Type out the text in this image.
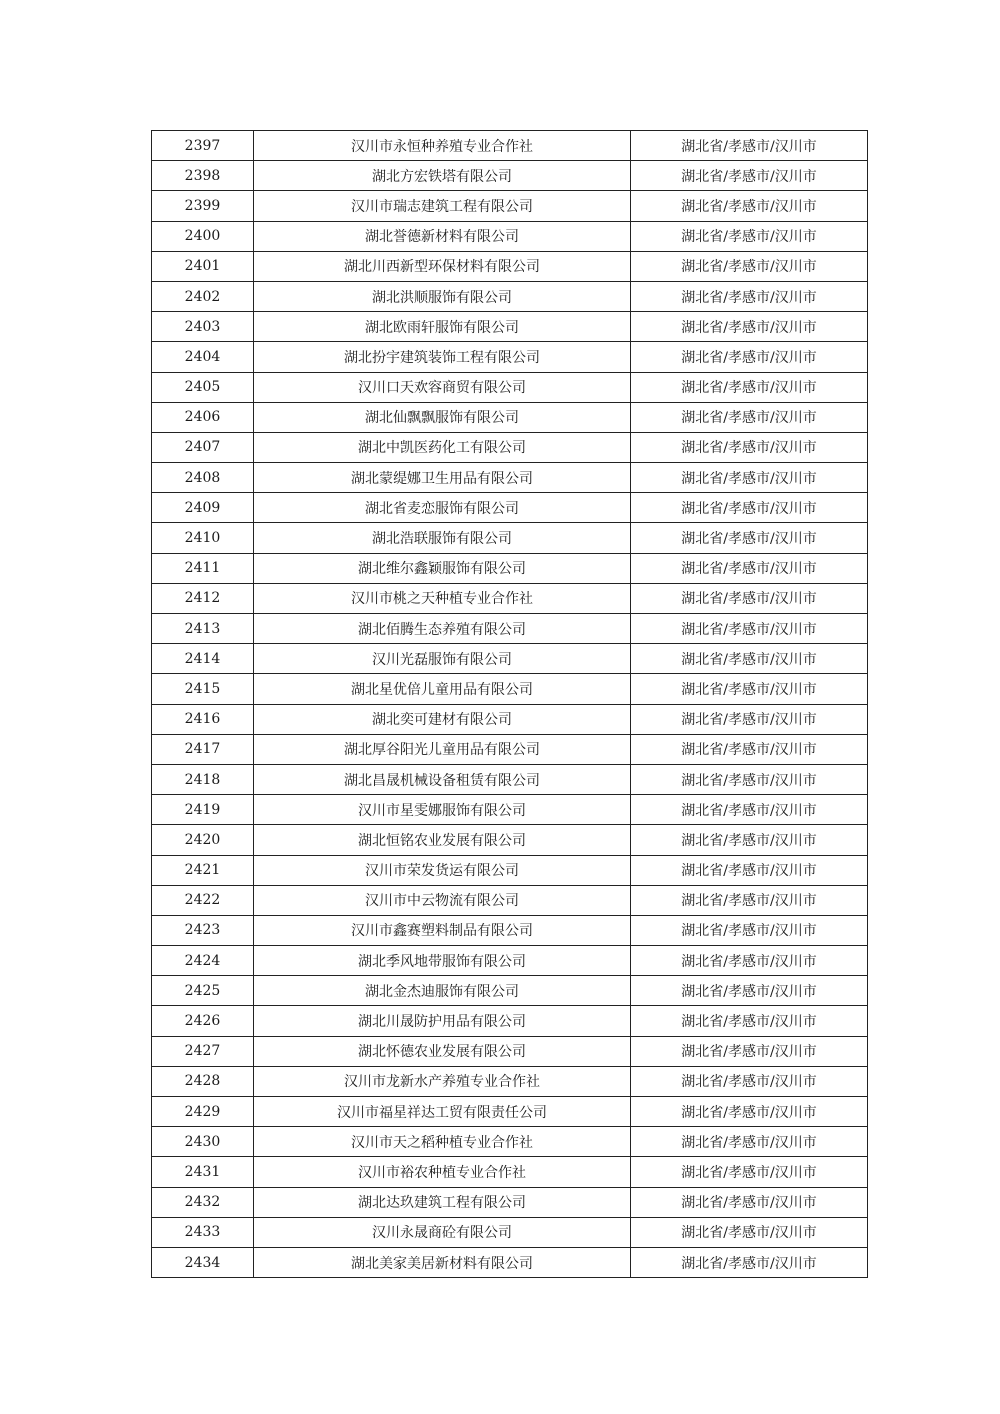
2397	汉川市永恒种养殖专业合作社	湖北省/孝感市/汉川市
2398	湖北方宏铁塔有限公司	湖北省/孝感市/汉川市
2399	汉川市瑞志建筑工程有限公司	湖北省/孝感市/汉川市
2400	湖北誉德新材料有限公司	湖北省/孝感市/汉川市
2401	湖北川西新型环保材料有限公司	湖北省/孝感市/汉川市
2402	湖北洪顺服饰有限公司	湖北省/孝感市/汉川市
2403	湖北欧雨轩服饰有限公司	湖北省/孝感市/汉川市
2404	湖北扮宇建筑装饰工程有限公司	湖北省/孝感市/汉川市
2405	汉川口天欢容商贸有限公司	湖北省/孝感市/汉川市
2406	湖北仙飘飘服饰有限公司	湖北省/孝感市/汉川市
2407	湖北中凯医药化工有限公司	湖北省/孝感市/汉川市
2408	湖北蒙缇娜卫生用品有限公司	湖北省/孝感市/汉川市
2409	湖北省麦恋服饰有限公司	湖北省/孝感市/汉川市
2410	湖北浩联服饰有限公司	湖北省/孝感市/汉川市
2411	湖北维尔鑫颖服饰有限公司	湖北省/孝感市/汉川市
2412	汉川市桃之天种植专业合作社	湖北省/孝感市/汉川市
2413	湖北佰腾生态养殖有限公司	湖北省/孝感市/汉川市
2414	汉川光磊服饰有限公司	湖北省/孝感市/汉川市
2415	湖北星优倍儿童用品有限公司	湖北省/孝感市/汉川市
2416	湖北奕可建材有限公司	湖北省/孝感市/汉川市
2417	湖北厚谷阳光儿童用品有限公司	湖北省/孝感市/汉川市
2418	湖北昌晟机械设备租赁有限公司	湖北省/孝感市/汉川市
2419	汉川市星雯娜服饰有限公司	湖北省/孝感市/汉川市
2420	湖北恒铭农业发展有限公司	湖北省/孝感市/汉川市
2421	汉川市荣发货运有限公司	湖北省/孝感市/汉川市
2422	汉川市中云物流有限公司	湖北省/孝感市/汉川市
2423	汉川市鑫赛塑料制品有限公司	湖北省/孝感市/汉川市
2424	湖北季风地带服饰有限公司	湖北省/孝感市/汉川市
2425	湖北金杰迪服饰有限公司	湖北省/孝感市/汉川市
2426	湖北川晟防护用品有限公司	湖北省/孝感市/汉川市
2427	湖北怀德农业发展有限公司	湖北省/孝感市/汉川市
2428	汉川市龙新水产养殖专业合作社	湖北省/孝感市/汉川市
2429	汉川市福星祥达工贸有限责任公司	湖北省/孝感市/汉川市
2430	汉川市天之稻种植专业合作社	湖北省/孝感市/汉川市
2431	汉川市裕农种植专业合作社	湖北省/孝感市/汉川市
2432	湖北达玖建筑工程有限公司	湖北省/孝感市/汉川市
2433	汉川永晟商砼有限公司	湖北省/孝感市/汉川市
2434	湖北美家美居新材料有限公司	湖北省/孝感市/汉川市
